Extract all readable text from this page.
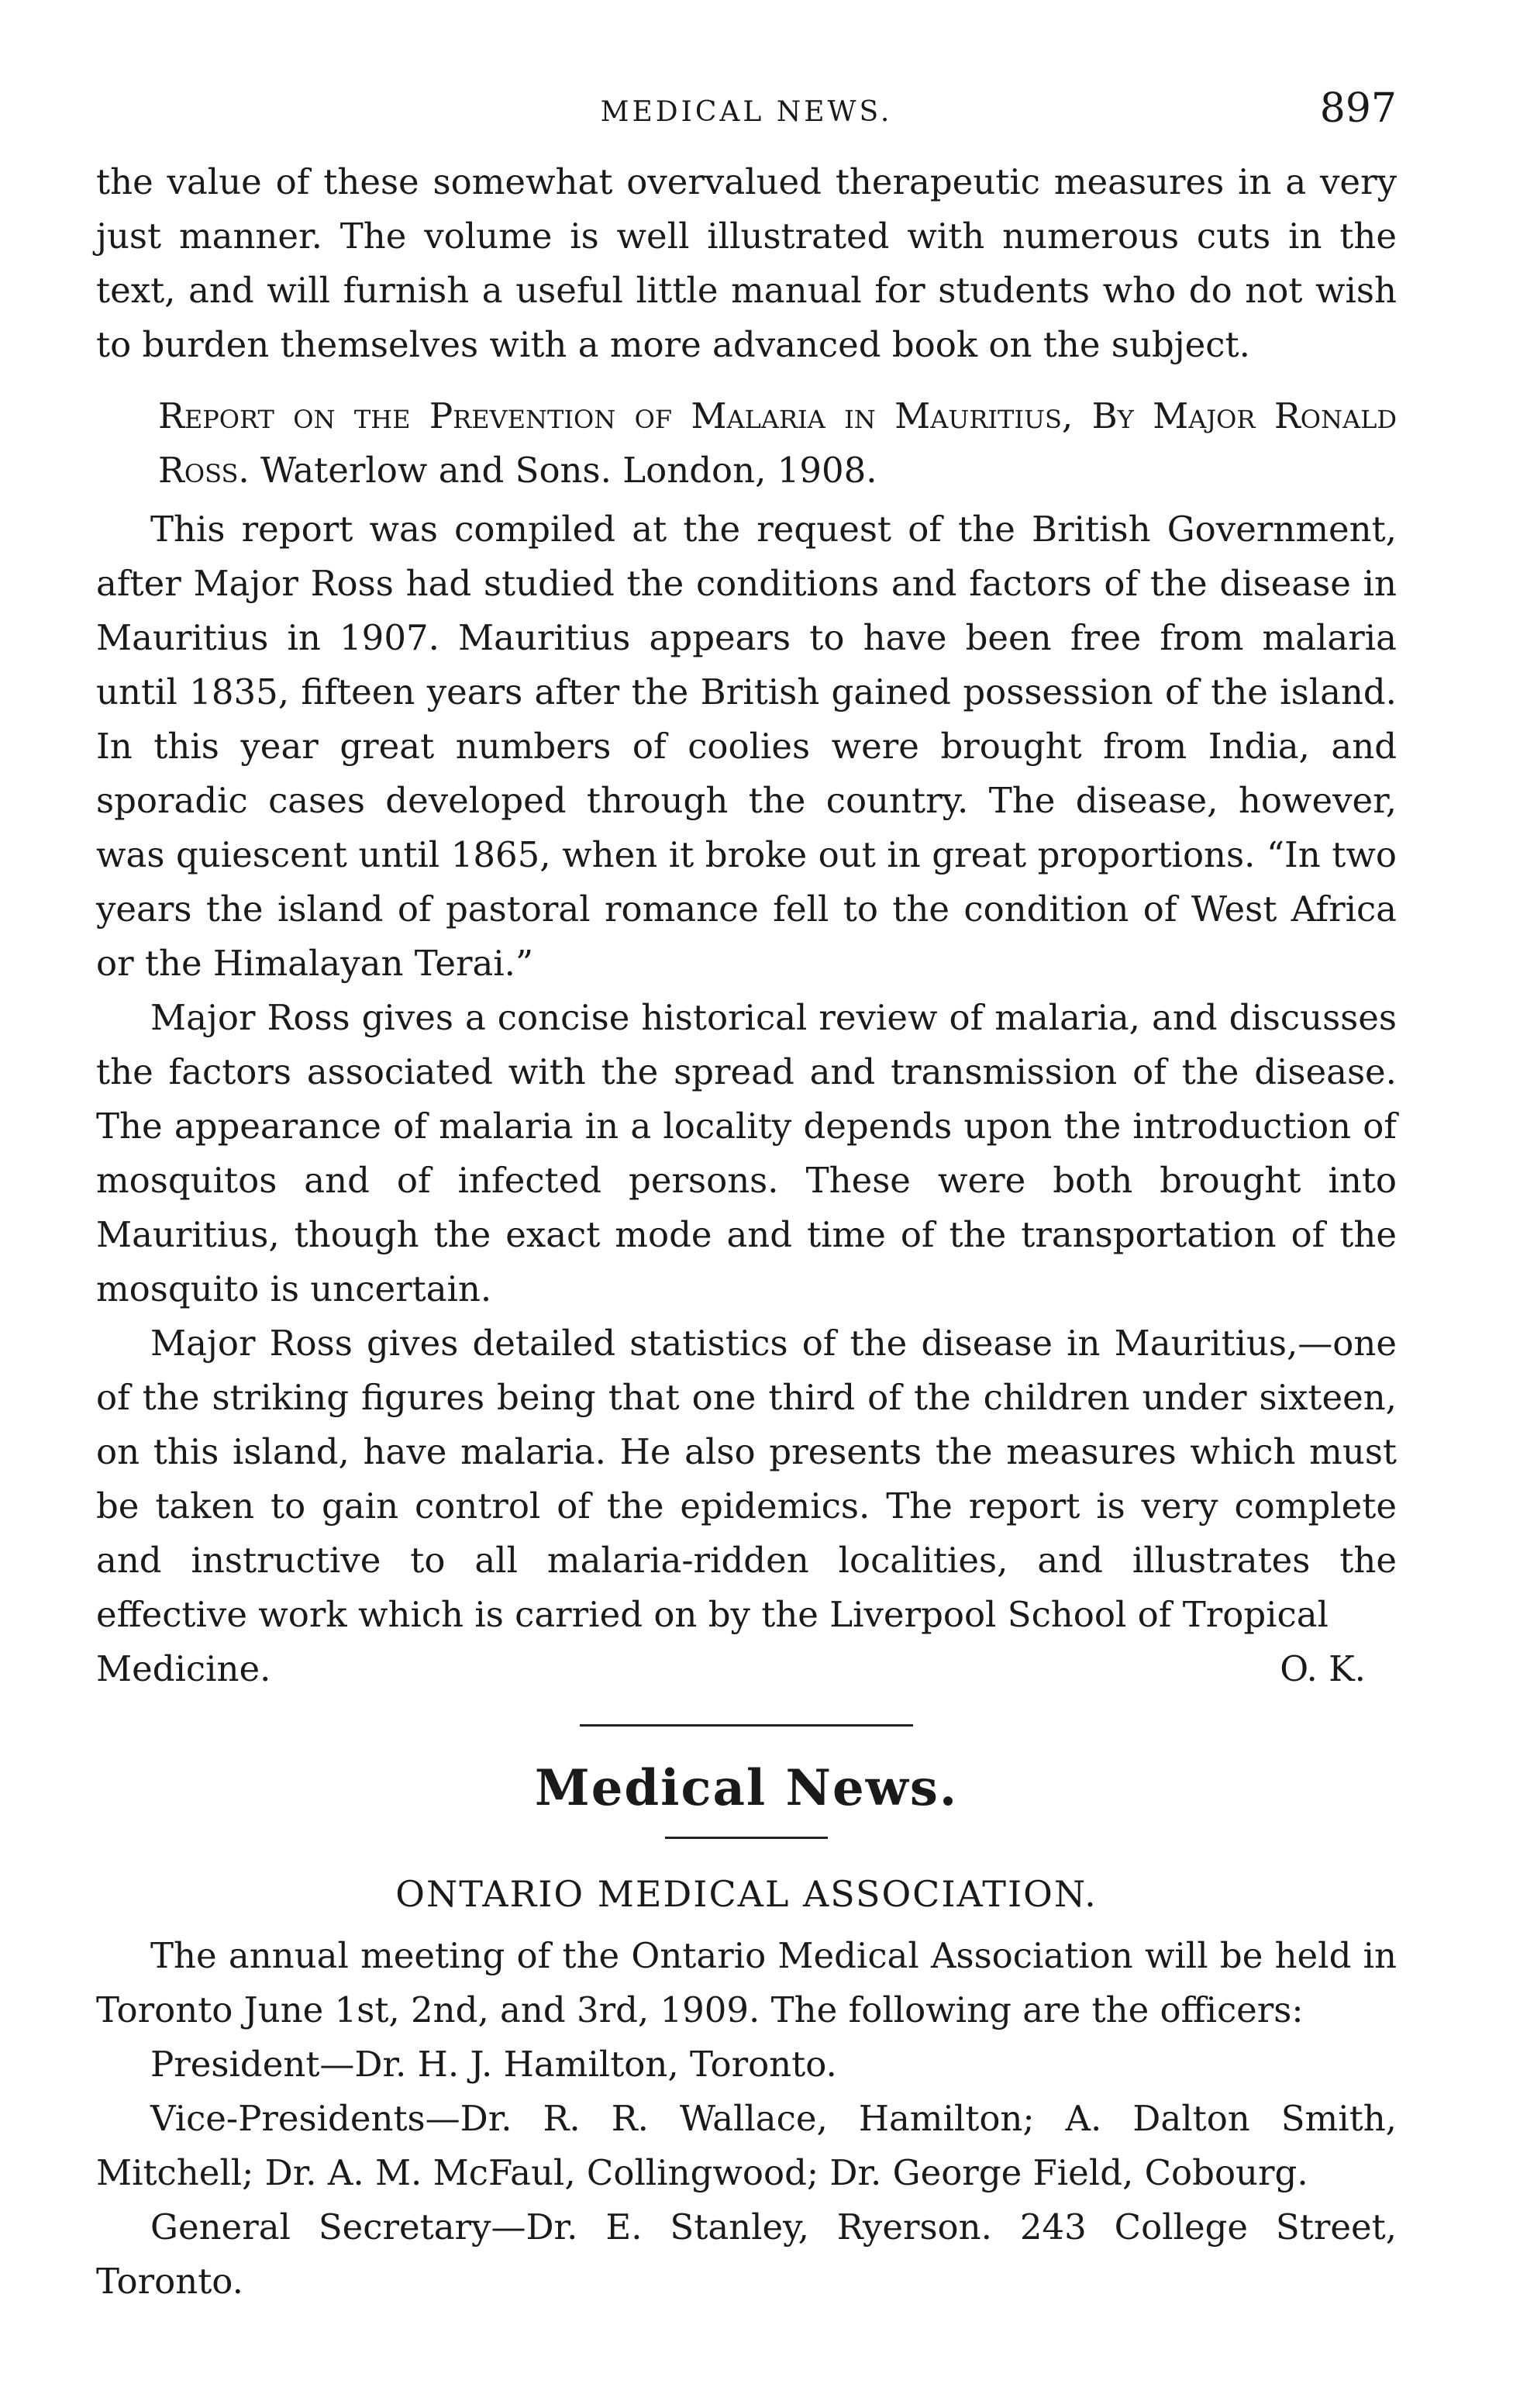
MEDICAL NEWS.	897

the value of these somewhat overvalued therapeutic measures in a very just manner. The volume is well illustrated with numerous cuts in the text, and will furnish a useful little manual for students who do not wish to burden themselves with a more advanced book on the subject.

Report on the Prevention of Malaria in Mauritius, By Major Ronald Ross. Waterlow and Sons. London, 1908.

This report was compiled at the request of the British Government, after Major Ross had studied the conditions and factors of the disease in Mauritius in 1907. Mauritius appears to have been free from malaria until 1835, fifteen years after the British gained possession of the island. In this year great numbers of coolies were brought from India, and sporadic cases developed through the country. The disease, however, was quiescent until 1865, when it broke out in great proportions. “In two years the island of pastoral romance fell to the condition of West Africa or the Himalayan Terai.”

Major Ross gives a concise historical review of malaria, and discusses the factors associated with the spread and transmission of the disease. The appearance of malaria in a locality depends upon the introduction of mosquitos and of infected persons. These were both brought into Mauritius, though the exact mode and time of the transportation of the mosquito is uncertain.

Major Ross gives detailed statistics of the disease in Mauritius,—one of the striking figures being that one third of the children under sixteen, on this island, have malaria. He also presents the measures which must be taken to gain control of the epidemics. The report is very complete and instructive to all malaria-ridden localities, and illustrates the effective work which is carried on by the Liverpool School of Tropical

Medicine.	O. K.
Medical News.
ONTARIO MEDICAL ASSOCIATION.

The annual meeting of the Ontario Medical Association will be held in Toronto June 1st, 2nd, and 3rd, 1909. The following are the officers:

President—Dr. H. J. Hamilton, Toronto.
Vice-Presidents—Dr. R. R. Wallace, Hamilton; A. Dalton Smith, Mitchell; Dr. A. M. McFaul, Collingwood; Dr. George Field, Cobourg.
General Secretary—Dr. E. Stanley, Ryerson. 243 College Street, Toronto.
